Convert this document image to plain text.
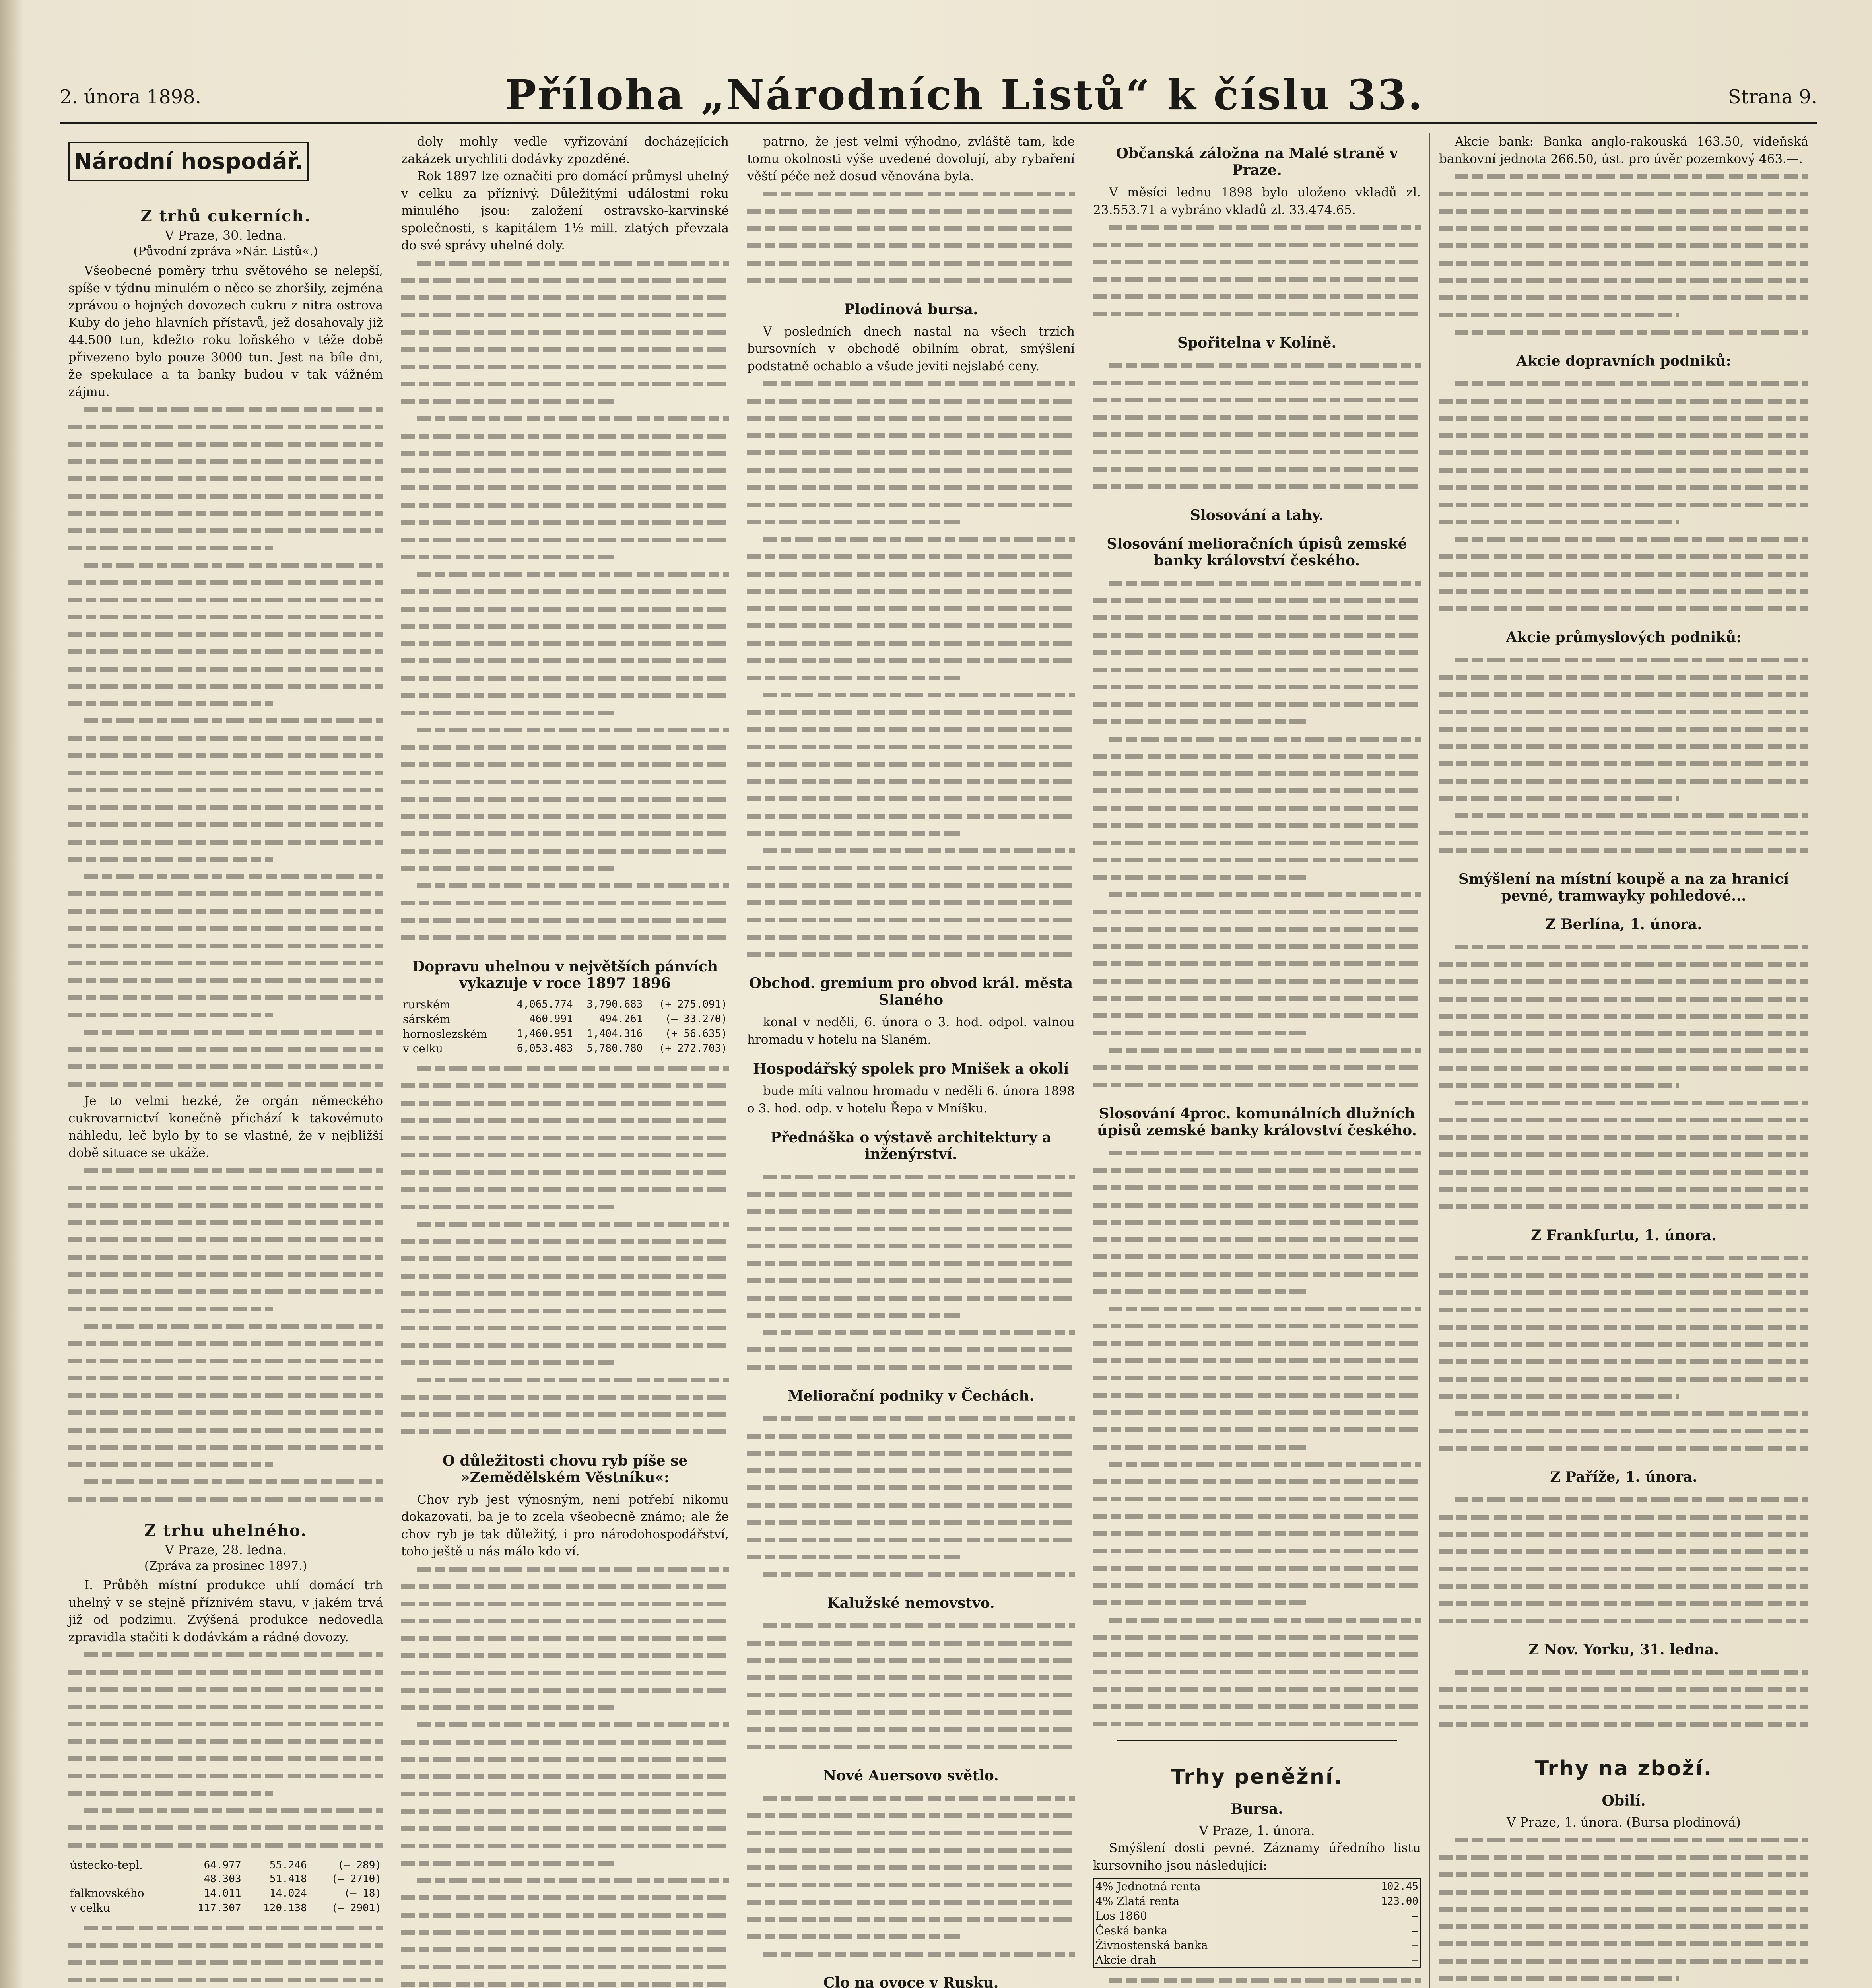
2. února 1898.	Příloha „Národních Listů“ k číslu 33.	Strana 9.
Národní hospodář.
Z trhů cukerních.
V Praze, 30. ledna.
(Původní zpráva »Nár. Listů«.)

Všeobecné poměry trhu světového se nelepší, spíše v týdnu minulém o něco se zhoršily, zejména zprávou o hojných dovozech cukru z nitra ostrova Kuby do jeho hlavních přístavů, jež dosahovaly již 44.500 tun, kdežto roku loňského v téže době přivezeno bylo pouze 3000 tun. Jest na bíle dni, že spekulace a ta banky budou v tak vážném zájmu.

Je to velmi hezké, že orgán německého cukrovarnictví konečně přichází k takovémuto náhledu, leč bylo by to se vlastně, že v nejbližší době situace se ukáže.

Z trhu uhelného.
V Praze, 28. ledna.
(Zpráva za prosinec 1897.)

I. Průběh místní produkce uhlí domácí trh uhelný v se stejně příznivém stavu, v jakém trvá již od podzimu. Zvýšená produkce nedovedla zpravidla stačiti k dodávkám a rádné dovozy.

ústecko-tepl.	64.977	55.246	(— 289)
	48.303	51.418	(— 2710)
falknovského	14.011	14.024	(— 18)
v celku	117.307	120.138	(— 2901)

doly mohly vedle vyřizování docházejících zakázek urychliti dodávky zpozděné.

Rok 1897 lze označiti pro domácí průmysl uhelný v celku za příznivý. Důležitými událostmi roku minulého jsou: založení ostravsko-karvinské společnosti, s kapitálem 1½ mill. zlatých převzala do své správy uhelné doly.

Dopravu uhelnou v největších pánvích vykazuje v roce 1897 1896
rurském	4,065.774	3,790.683	(+ 275.091)
sárském	460.991	494.261	(— 33.270)
hornoslezském	1,460.951	1,404.316	(+ 56.635)
v celku	6,053.483	5,780.780	(+ 272.703)
O důležitosti chovu ryb píše se »Zemědělském Věstníku«:

Chov ryb jest výnosným, není potřebí nikomu dokazovati, ba je to zcela všeobecně známo; ale že chov ryb je tak důležitý, i pro národohospodářství, toho ještě u nás málo kdo ví.

patrno, že jest velmi výhodno, zvláště tam, kde tomu okolnosti výše uvedené dovolují, aby rybaření věští péče než dosud věnována byla.

Plodinová bursa.

V posledních dnech nastal na všech trzích bursovních v obchodě obilním obrat, smýšlení podstatně ochablo a všude jeviti nejslabé ceny.

Obchod. gremium pro obvod král. města Slaného

konal v neděli, 6. února o 3. hod. odpol. valnou hromadu v hotelu na Slaném.

Hospodářský spolek pro Mnišek a okolí

bude míti valnou hromadu v neděli 6. února 1898 o 3. hod. odp. v hotelu Řepa v Mníšku.

Přednáška o výstavě architektury a inženýrství.
Meliorační podniky v Čechách.
Kalužské nemovstvo.
Nové Auersovo světlo.
Clo na ovoce v Rusku.

Občanská záložna na Malé straně v Praze.

V měsíci lednu 1898 bylo uloženo vkladů zl. 23.553.71 a vybráno vkladů zl. 33.474.65.

Spořitelna v Kolíně.
Slosování a tahy.
Slosování melioračních úpisů zemské banky království českého.
Slosování 4proc. komunálních dlužních úpisů zemské banky království českého.
Trhy peněžní.
Bursa.
V Praze, 1. února.

Smýšlení dosti pevné. Záznamy úředního listu kursovního jsou následující:

4% Jednotná renta	102.45
4% Zlatá renta	123.00
Los 1860	—
Česká banka	—
Živnostenská banka	—
Akcie drah	—

Akcie bank: Banka anglo-rakouská 163.50, vídeňská bankovní jednota 266.50, úst. pro úvěr pozemkový 463.—.

Akcie dopravních podniků:
Akcie průmyslových podniků:
Smýšlení na místní koupě a na za hranicí pevné, tramwayky pohledové...
Z Berlína, 1. února.
Z Frankfurtu, 1. února.
Z Paříže, 1. února.
Z Nov. Yorku, 31. ledna.
Trhy na zboží.
Obilí.
V Praze, 1. února. (Bursa plodinová)
